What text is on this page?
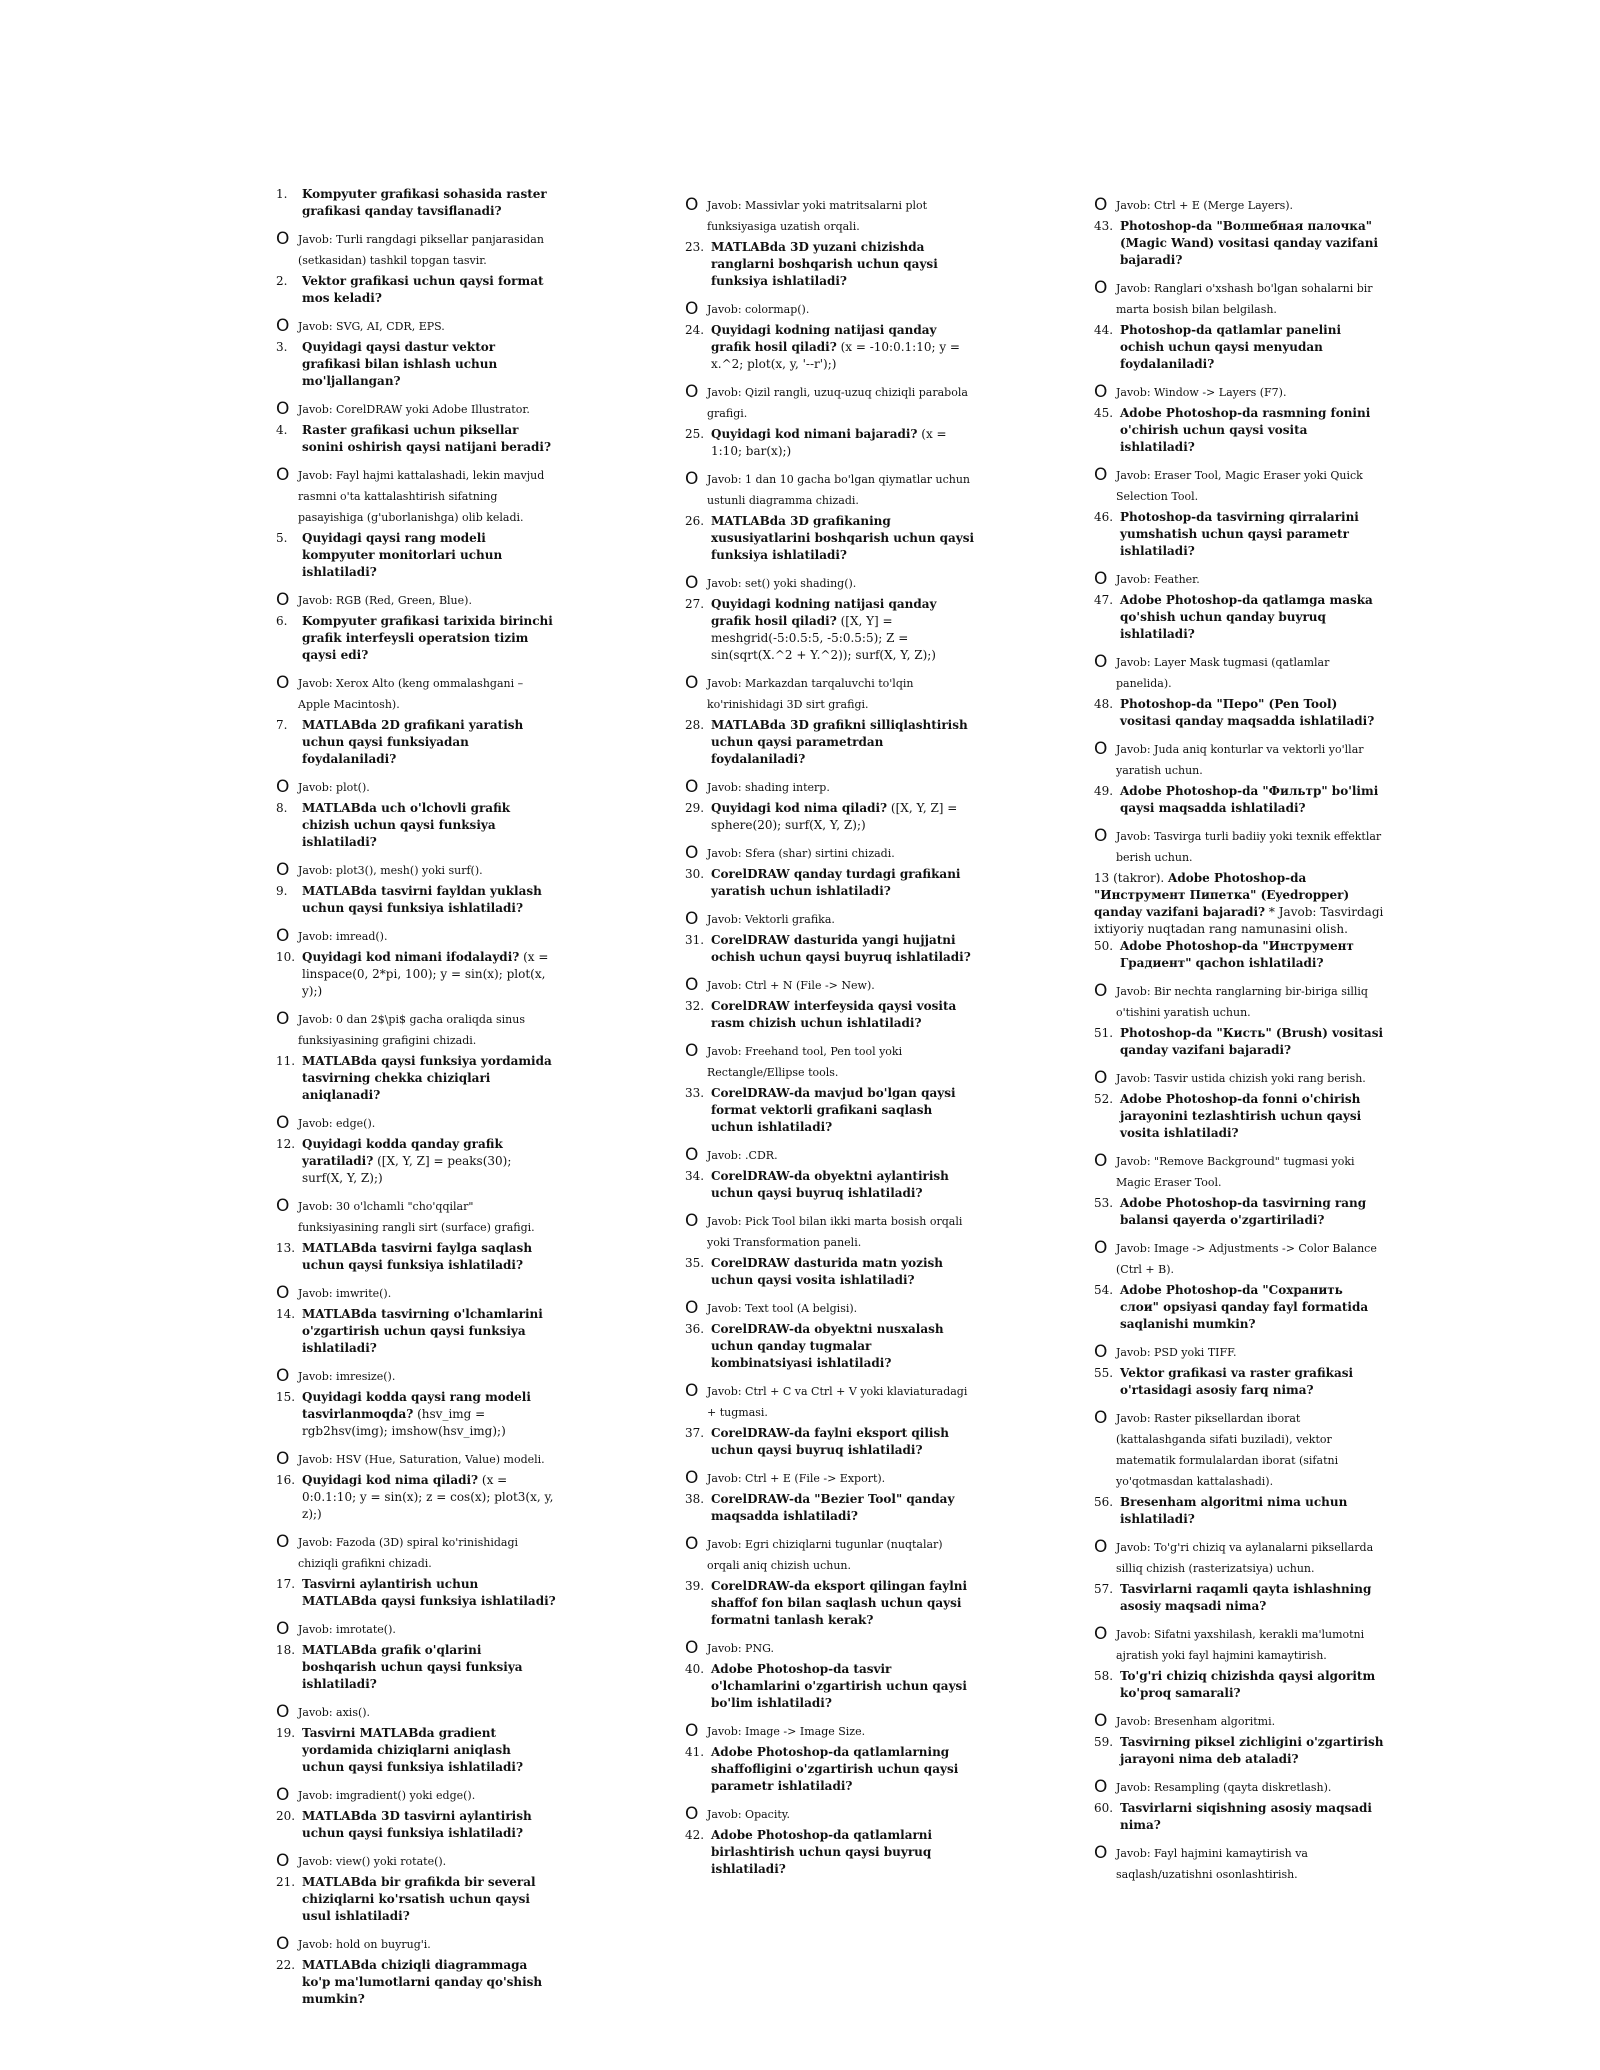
1.	Kompyuter grafikasi sohasida raster grafikasi qanday tavsiflanadi?
O Javob: Turli rangdagi piksellar panjarasidan (setkasidan) tashkil topgan tasvir.
2.	Vektor grafikasi uchun qaysi format mos keladi?
O Javob: SVG, AI, CDR, EPS.
3.	Quyidagi qaysi dastur vektor grafikasi bilan ishlash uchun mo'ljallangan?
O Javob: CorelDRAW yoki Adobe Illustrator.
4.	Raster grafikasi uchun piksellar sonini oshirish qaysi natijani beradi?
O Javob: Fayl hajmi kattalashadi, lekin mavjud rasmni o'ta kattalashtirish sifatning pasayishiga (g'uborlanishga) olib keladi.
5.	Quyidagi qaysi rang modeli kompyuter monitorlari uchun ishlatiladi?
O Javob: RGB (Red, Green, Blue).
6.	Kompyuter grafikasi tarixida birinchi grafik interfeysli operatsion tizim qaysi edi?
O Javob: Xerox Alto (keng ommalashgani – Apple Macintosh).
7.	MATLABda 2D grafikani yaratish uchun qaysi funksiyadan foydalaniladi?
O Javob: plot().
8.	MATLABda uch o'lchovli grafik chizish uchun qaysi funksiya ishlatiladi?
O Javob: plot3(), mesh() yoki surf().
9.	MATLABda tasvirni fayldan yuklash uchun qaysi funksiya ishlatiladi?
O Javob: imread().
10. Quyidagi kod nimani ifodalaydi? (x = linspace(0, 2*pi, 100); y = sin(x); plot(x, y);)
O Javob: 0 dan 2$\pi$ gacha oraliqda sinus funksiyasining grafigini chizadi.
11. MATLABda qaysi funksiya yordamida tasvirning chekka chiziqlari aniqlanadi?
O Javob: edge().
12. Quyidagi kodda qanday grafik yaratiladi? ([X, Y, Z] = peaks(30); surf(X, Y, Z);)
O Javob: 30 o'lchamli "cho'qqilar" funksiyasining rangli sirt (surface) grafigi.
13. MATLABda tasvirni faylga saqlash uchun qaysi funksiya ishlatiladi?
O Javob: imwrite().
14. MATLABda tasvirning o'lchamlarini o'zgartirish uchun qaysi funksiya ishlatiladi?
O Javob: imresize().
15. Quyidagi kodda qaysi rang modeli tasvirlanmoqda? (hsv_img = rgb2hsv(img); imshow(hsv_img);)
O Javob: HSV (Hue, Saturation, Value) modeli.
16. Quyidagi kod nima qiladi? (x = 0:0.1:10; y = sin(x); z = cos(x); plot3(x, y, z);)
O Javob: Fazoda (3D) spiral ko'rinishidagi chiziqli grafikni chizadi.
17. Tasvirni aylantirish uchun MATLABda qaysi funksiya ishlatiladi?
O Javob: imrotate().
18. MATLABda grafik o'qlarini boshqarish uchun qaysi funksiya ishlatiladi?
O Javob: axis().
19. Tasvirni MATLABda gradient yordamida chiziqlarni aniqlash uchun qaysi funksiya ishlatiladi?
O Javob: imgradient() yoki edge().
20. MATLABda 3D tasvirni aylantirish uchun qaysi funksiya ishlatiladi?
O Javob: view() yoki rotate().
21. MATLABda bir grafikda bir several chiziqlarni ko'rsatish uchun qaysi usul ishlatiladi?
O Javob: hold on buyrug'i.
22. MATLABda chiziqli diagrammaga ko'p ma'lumotlarni qanday qo'shish mumkin?
O Javob: Massivlar yoki matritsalarni plot funksiyasiga uzatish orqali.
23. MATLABda 3D yuzani chizishda ranglarni boshqarish uchun qaysi funksiya ishlatiladi?
O Javob: colormap().
24. Quyidagi kodning natijasi qanday grafik hosil qiladi? (x = -10:0.1:10; y = x.^2; plot(x, y, '--r');)
O Javob: Qizil rangli, uzuq-uzuq chiziqli parabola grafigi.
25. Quyidagi kod nimani bajaradi? (x = 1:10; bar(x);)
O Javob: 1 dan 10 gacha bo'lgan qiymatlar uchun ustunli diagramma chizadi.
26. MATLABda 3D grafikaning xususiyatlarini boshqarish uchun qaysi funksiya ishlatiladi?
O Javob: set() yoki shading().
27. Quyidagi kodning natijasi qanday grafik hosil qiladi? ([X, Y] = meshgrid(-5:0.5:5, -5:0.5:5); Z = sin(sqrt(X.^2 + Y.^2)); surf(X, Y, Z);)
O Javob: Markazdan tarqaluvchi to'lqin ko'rinishidagi 3D sirt grafigi.
28. MATLABda 3D grafikni silliqlashtirish uchun qaysi parametrdan foydalaniladi?
O Javob: shading interp.
29. Quyidagi kod nima qiladi? ([X, Y, Z] = sphere(20); surf(X, Y, Z);)
O Javob: Sfera (shar) sirtini chizadi.
30. CorelDRAW qanday turdagi grafikani yaratish uchun ishlatiladi?
O Javob: Vektorli grafika.
31. CorelDRAW dasturida yangi hujjatni ochish uchun qaysi buyruq ishlatiladi?
O Javob: Ctrl + N (File -> New).
32. CorelDRAW interfeysida qaysi vosita rasm chizish uchun ishlatiladi?
O Javob: Freehand tool, Pen tool yoki Rectangle/Ellipse tools.
33. CorelDRAW-da mavjud bo'lgan qaysi format vektorli grafikani saqlash uchun ishlatiladi?
O Javob: .CDR.
34. CorelDRAW-da obyektni aylantirish uchun qaysi buyruq ishlatiladi?
O Javob: Pick Tool bilan ikki marta bosish orqali yoki Transformation paneli.
35. CorelDRAW dasturida matn yozish uchun qaysi vosita ishlatiladi?
O Javob: Text tool (A belgisi).
36. CorelDRAW-da obyektni nusxalash uchun qanday tugmalar kombinatsiyasi ishlatiladi?
O Javob: Ctrl + C va Ctrl + V yoki klaviaturadagi + tugmasi.
37. CorelDRAW-da faylni eksport qilish uchun qaysi buyruq ishlatiladi?
O Javob: Ctrl + E (File -> Export).
38. CorelDRAW-da "Bezier Tool" qanday maqsadda ishlatiladi?
O Javob: Egri chiziqlarni tugunlar (nuqtalar) orqali aniq chizish uchun.
39. CorelDRAW-da eksport qilingan faylni shaffof fon bilan saqlash uchun qaysi formatni tanlash kerak?
O Javob: PNG.
40. Adobe Photoshop-da tasvir o'lchamlarini o'zgartirish uchun qaysi bo'lim ishlatiladi?
O Javob: Image -> Image Size.
41. Adobe Photoshop-da qatlamlarning shaffofligini o'zgartirish uchun qaysi parametr ishlatiladi?
O Javob: Opacity.
42. Adobe Photoshop-da qatlamlarni birlashtirish uchun qaysi buyruq ishlatiladi?
O Javob: Ctrl + E (Merge Layers).
43. Photoshop-da "Волшебная палочка" (Magic Wand) vositasi qanday vazifani bajaradi?
O Javob: Ranglari o'xshash bo'lgan sohalarni bir marta bosish bilan belgilash.
44. Photoshop-da qatlamlar panelini ochish uchun qaysi menyudan foydalaniladi?
O Javob: Window -> Layers (F7).
45. Adobe Photoshop-da rasmning fonini o'chirish uchun qaysi vosita ishlatiladi?
O Javob: Eraser Tool, Magic Eraser yoki Quick Selection Tool.
46. Photoshop-da tasvirning qirralarini yumshatish uchun qaysi parametr ishlatiladi?
O Javob: Feather.
47. Adobe Photoshop-da qatlamga maska qo'shish uchun qanday buyruq ishlatiladi?
O Javob: Layer Mask tugmasi (qatlamlar panelida).
48. Photoshop-da "Перо" (Pen Tool) vositasi qanday maqsadda ishlatiladi?
O Javob: Juda aniq konturlar va vektorli yo'llar yaratish uchun.
49. Adobe Photoshop-da "Фильтр" bo'limi qaysi maqsadda ishlatiladi?
O Javob: Tasvirga turli badiiy yoki texnik effektlar berish uchun.
13 (takror). Adobe Photoshop-da "Инструмент Пипетка" (Eyedropper) qanday vazifani bajaradi? * Javob: Tasvirdagi ixtiyoriy nuqtadan rang namunasini olish.
50. Adobe Photoshop-da "Инструмент Градиент" qachon ishlatiladi?
O Javob: Bir nechta ranglarning bir-biriga silliq o'tishini yaratish uchun.
51. Photoshop-da "Кисть" (Brush) vositasi qanday vazifani bajaradi?
O Javob: Tasvir ustida chizish yoki rang berish.
52. Adobe Photoshop-da fonni o'chirish jarayonini tezlashtirish uchun qaysi vosita ishlatiladi?
O Javob: "Remove Background" tugmasi yoki Magic Eraser Tool.
53. Adobe Photoshop-da tasvirning rang balansi qayerda o'zgartiriladi?
O Javob: Image -> Adjustments -> Color Balance (Ctrl + B).
54. Adobe Photoshop-da "Сохранить слои" opsiyasi qanday fayl formatida saqlanishi mumkin?
O Javob: PSD yoki TIFF.
55. Vektor grafikasi va raster grafikasi o'rtasidagi asosiy farq nima?
O Javob: Raster piksellardan iborat (kattalashganda sifati buziladi), vektor matematik formulalardan iborat (sifatni yo'qotmasdan kattalashadi).
56. Bresenham algoritmi nima uchun ishlatiladi?
O Javob: To'g'ri chiziq va aylanalarni piksellarda silliq chizish (rasterizatsiya) uchun.
57. Tasvirlarni raqamli qayta ishlashning asosiy maqsadi nima?
O Javob: Sifatni yaxshilash, kerakli ma'lumotni ajratish yoki fayl hajmini kamaytirish.
58. To'g'ri chiziq chizishda qaysi algoritm ko'proq samarali?
O Javob: Bresenham algoritmi.
59. Tasvirning piksel zichligini o'zgartirish jarayoni nima deb ataladi?
O Javob: Resampling (qayta diskretlash).
60. Tasvirlarni siqishning asosiy maqsadi nima?
O Javob: Fayl hajmini kamaytirish va saqlash/uzatishni osonlashtirish.
